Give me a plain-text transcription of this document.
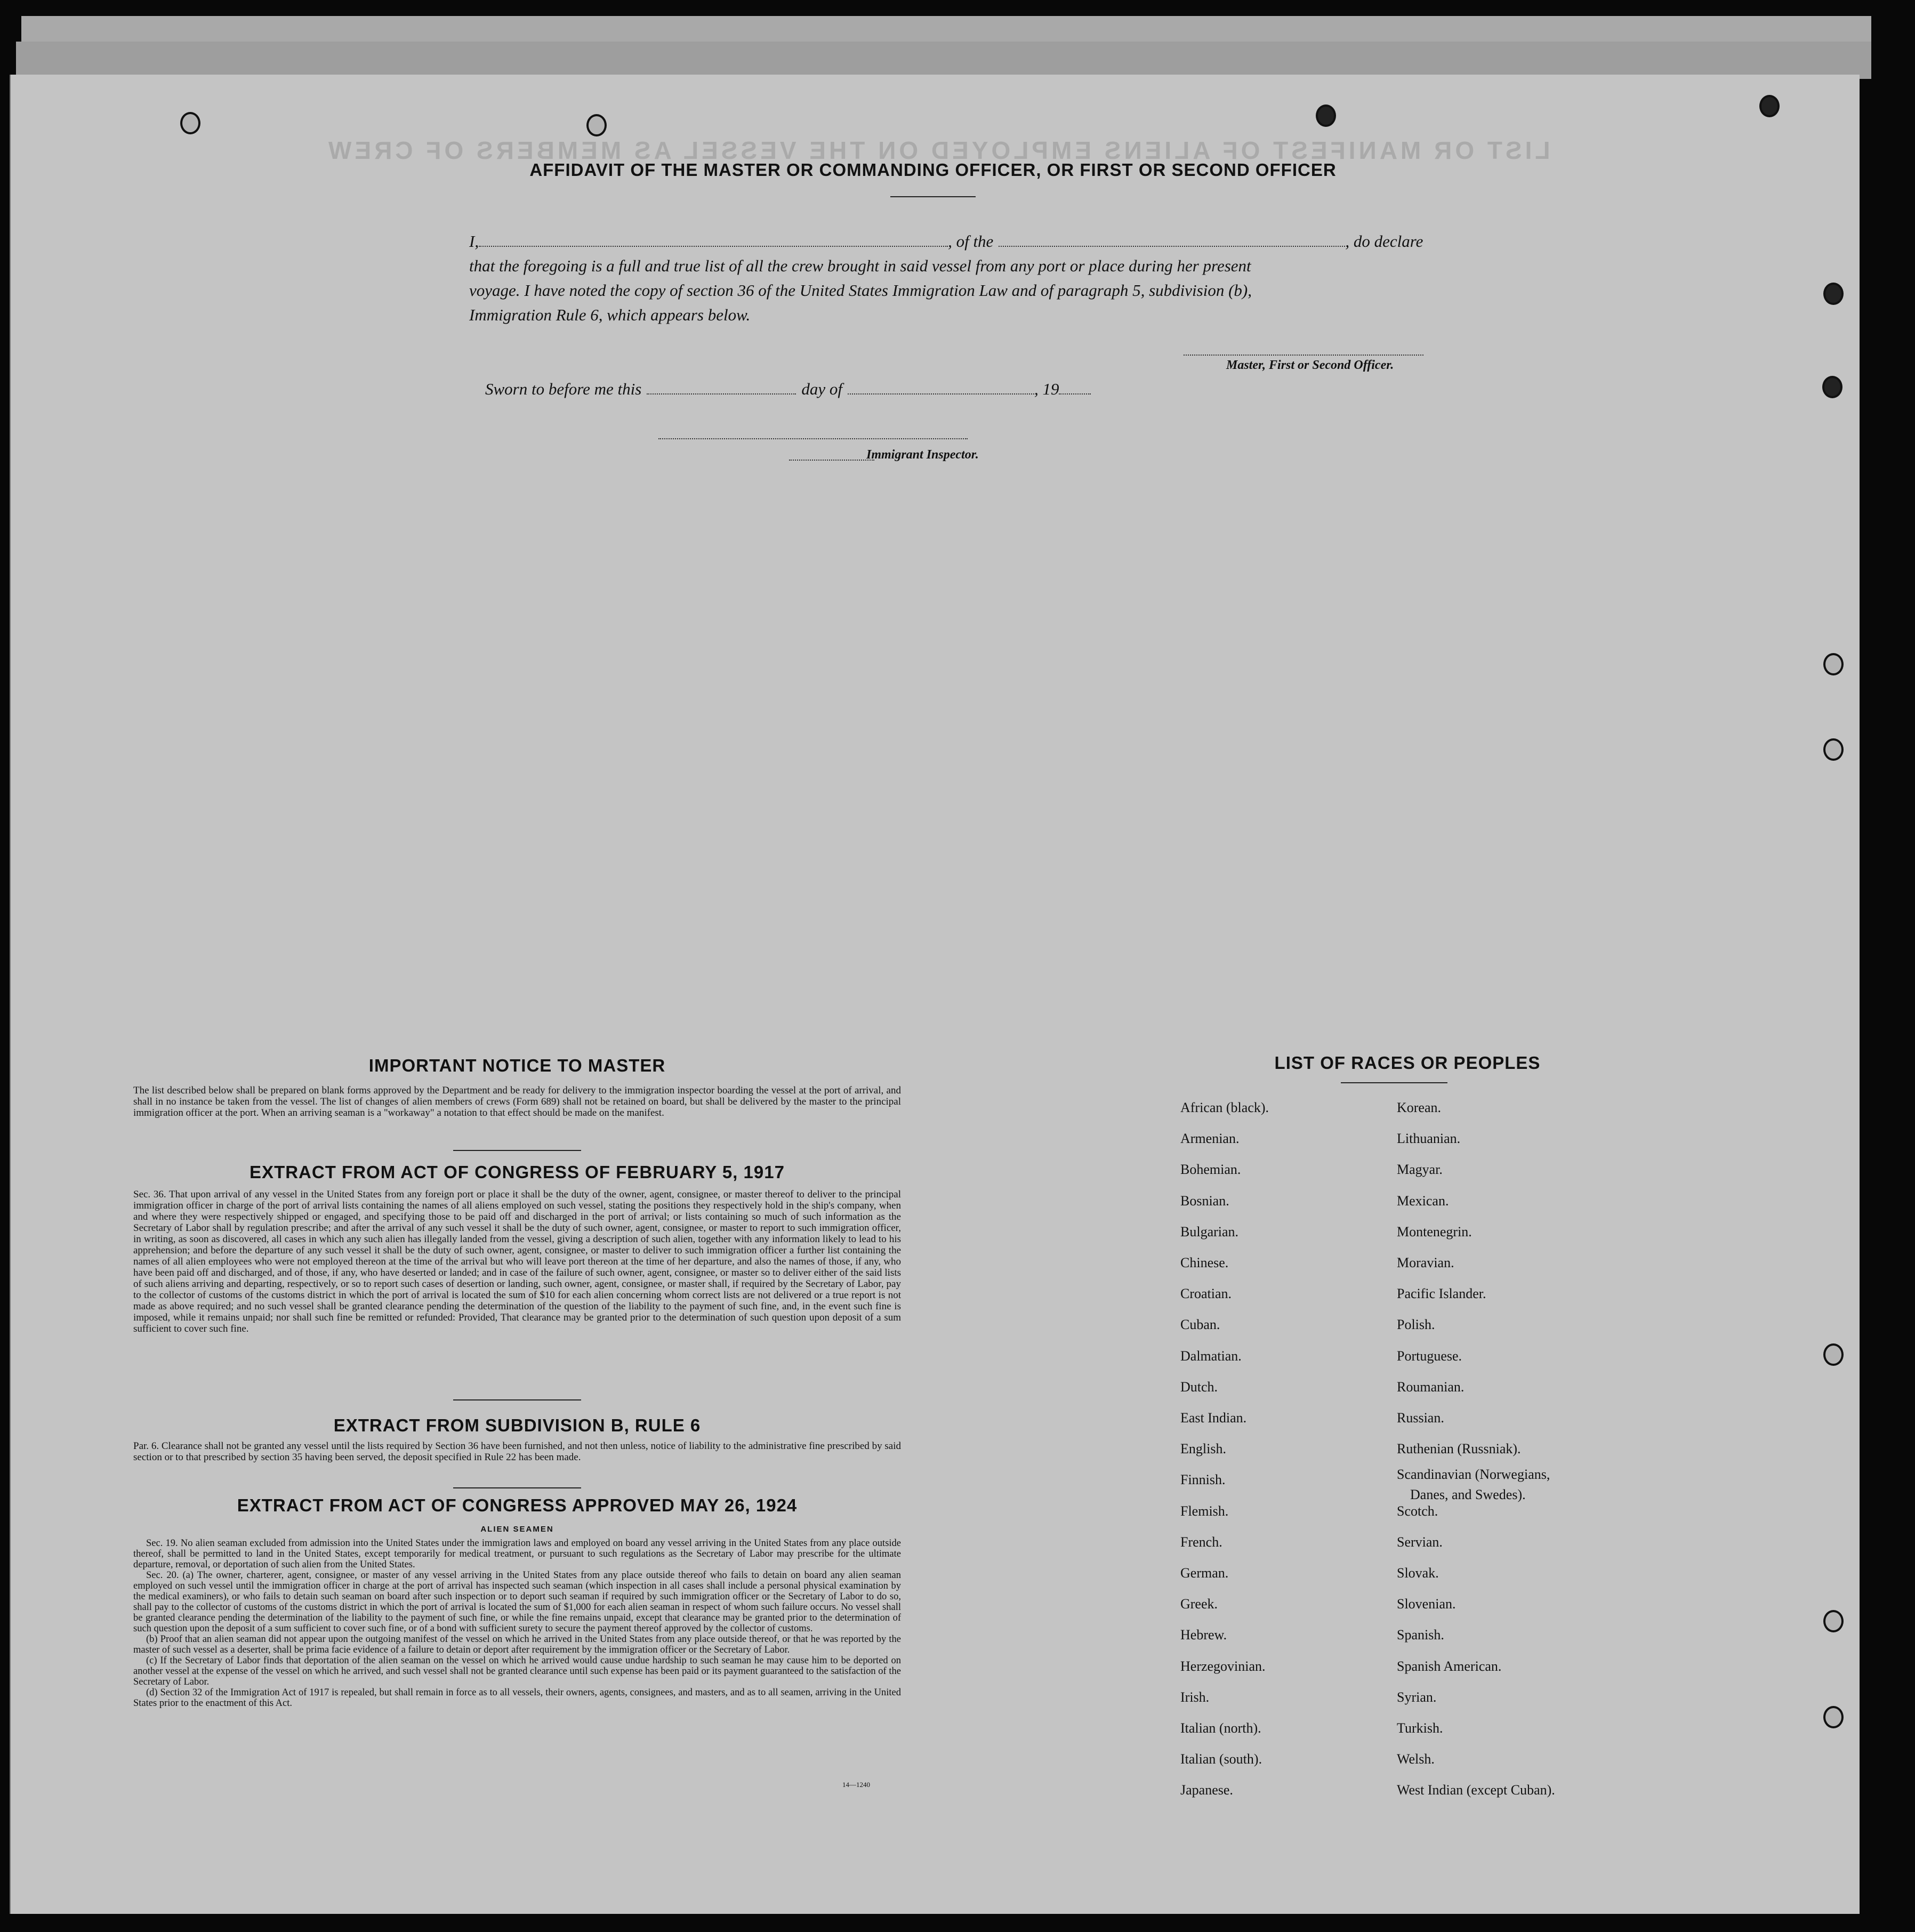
LIST OR MANIFEST OF ALIENS EMPLOYED ON THE VESSEL AS MEMBERS OF CREW
AFFIDAVIT OF THE MASTER OR COMMANDING OFFICER, OR FIRST OR SECOND OFFICER
I,	, of the	, do declare
that the foregoing is a full and true list of all the crew brought in said vessel from any port or place during her present
voyage. I have noted the copy of section 36 of the United States Immigration Law and of paragraph 5, subdivision (b),
Immigration Rule 6, which appears below.
Master, First or Second Officer.
Sworn to before me this	day of	, 19
Immigrant Inspector.
IMPORTANT NOTICE TO MASTER
The list described below shall be prepared on blank forms approved by the Department and be ready for delivery to the immigration inspector boarding the vessel at the port of arrival, and shall in no instance be taken from the vessel. The list of changes of alien members of crews (Form 689) shall not be retained on board, but shall be delivered by the master to the principal immigration officer at the port. When an arriving seaman is a "workaway" a notation to that effect should be made on the manifest.
EXTRACT FROM ACT OF CONGRESS OF FEBRUARY 5, 1917
Sec. 36. That upon arrival of any vessel in the United States from any foreign port or place it shall be the duty of the owner, agent, consignee, or master thereof to deliver to the principal immigration officer in charge of the port of arrival lists containing the names of all aliens employed on such vessel, stating the positions they respectively hold in the ship's company, when and where they were respectively shipped or engaged, and specifying those to be paid off and discharged in the port of arrival; or lists containing so much of such information as the Secretary of Labor shall by regulation prescribe; and after the arrival of any such vessel it shall be the duty of such owner, agent, consignee, or master to report to such immigration officer, in writing, as soon as discovered, all cases in which any such alien has illegally landed from the vessel, giving a description of such alien, together with any information likely to lead to his apprehension; and before the departure of any such vessel it shall be the duty of such owner, agent, consignee, or master to deliver to such immigration officer a further list containing the names of all alien employees who were not employed thereon at the time of the arrival but who will leave port thereon at the time of her departure, and also the names of those, if any, who have been paid off and discharged, and of those, if any, who have deserted or landed; and in case of the failure of such owner, agent, consignee, or master so to deliver either of the said lists of such aliens arriving and departing, respectively, or so to report such cases of desertion or landing, such owner, agent, consignee, or master shall, if required by the Secretary of Labor, pay to the collector of customs of the customs district in which the port of arrival is located the sum of $10 for each alien concerning whom correct lists are not delivered or a true report is not made as above required; and no such vessel shall be granted clearance pending the determination of the question of the liability to the payment of such fine, and, in the event such fine is imposed, while it remains unpaid; nor shall such fine be remitted or refunded: Provided, That clearance may be granted prior to the determination of such question upon deposit of a sum sufficient to cover such fine.
EXTRACT FROM SUBDIVISION B, RULE 6
Par. 6. Clearance shall not be granted any vessel until the lists required by Section 36 have been furnished, and not then unless, notice of liability to the administrative fine prescribed by said section or to that prescribed by section 35 having been served, the deposit specified in Rule 22 has been made.
EXTRACT FROM ACT OF CONGRESS APPROVED MAY 26, 1924
ALIEN SEAMEN
Sec. 19. No alien seaman excluded from admission into the United States under the immigration laws and employed on board any vessel arriving in the United States from any place outside thereof, shall be permitted to land in the United States, except temporarily for medical treatment, or pursuant to such regulations as the Secretary of Labor may prescribe for the ultimate departure, removal, or deportation of such alien from the United States.
Sec. 20. (a) The owner, charterer, agent, consignee, or master of any vessel arriving in the United States from any place outside thereof who fails to detain on board any alien seaman employed on such vessel until the immigration officer in charge at the port of arrival has inspected such seaman (which inspection in all cases shall include a personal physical examination by the medical examiners), or who fails to detain such seaman on board after such inspection or to deport such seaman if required by such immigration officer or the Secretary of Labor to do so, shall pay to the collector of customs of the customs district in which the port of arrival is located the sum of $1,000 for each alien seaman in respect of whom such failure occurs. No vessel shall be granted clearance pending the determination of the liability to the payment of such fine, or while the fine remains unpaid, except that clearance may be granted prior to the determination of such question upon the deposit of a sum sufficient to cover such fine, or of a bond with sufficient surety to secure the payment thereof approved by the collector of customs.
(b) Proof that an alien seaman did not appear upon the outgoing manifest of the vessel on which he arrived in the United States from any place outside thereof, or that he was reported by the master of such vessel as a deserter, shall be prima facie evidence of a failure to detain or deport after requirement by the immigration officer or the Secretary of Labor.
(c) If the Secretary of Labor finds that deportation of the alien seaman on the vessel on which he arrived would cause undue hardship to such seaman he may cause him to be deported on another vessel at the expense of the vessel on which he arrived, and such vessel shall not be granted clearance until such expense has been paid or its payment guaranteed to the satisfaction of the Secretary of Labor.
(d) Section 32 of the Immigration Act of 1917 is repealed, but shall remain in force as to all vessels, their owners, agents, consignees, and masters, and as to all seamen, arriving in the United States prior to the enactment of this Act.
14—1240
LIST OF RACES OR PEOPLES
African (black).
Armenian.
Bohemian.
Bosnian.
Bulgarian.
Chinese.
Croatian.
Cuban.
Dalmatian.
Dutch.
East Indian.
English.
Finnish.
Flemish.
French.
German.
Greek.
Hebrew.
Herzegovinian.
Irish.
Italian (north).
Italian (south).
Japanese.
Korean.
Lithuanian.
Magyar.
Mexican.
Montenegrin.
Moravian.
Pacific Islander.
Polish.
Portuguese.
Roumanian.
Russian.
Ruthenian (Russniak).
Scandinavian (Norwegians,
Danes, and Swedes).
Scotch.
Servian.
Slovak.
Slovenian.
Spanish.
Spanish American.
Syrian.
Turkish.
Welsh.
West Indian (except Cuban).
